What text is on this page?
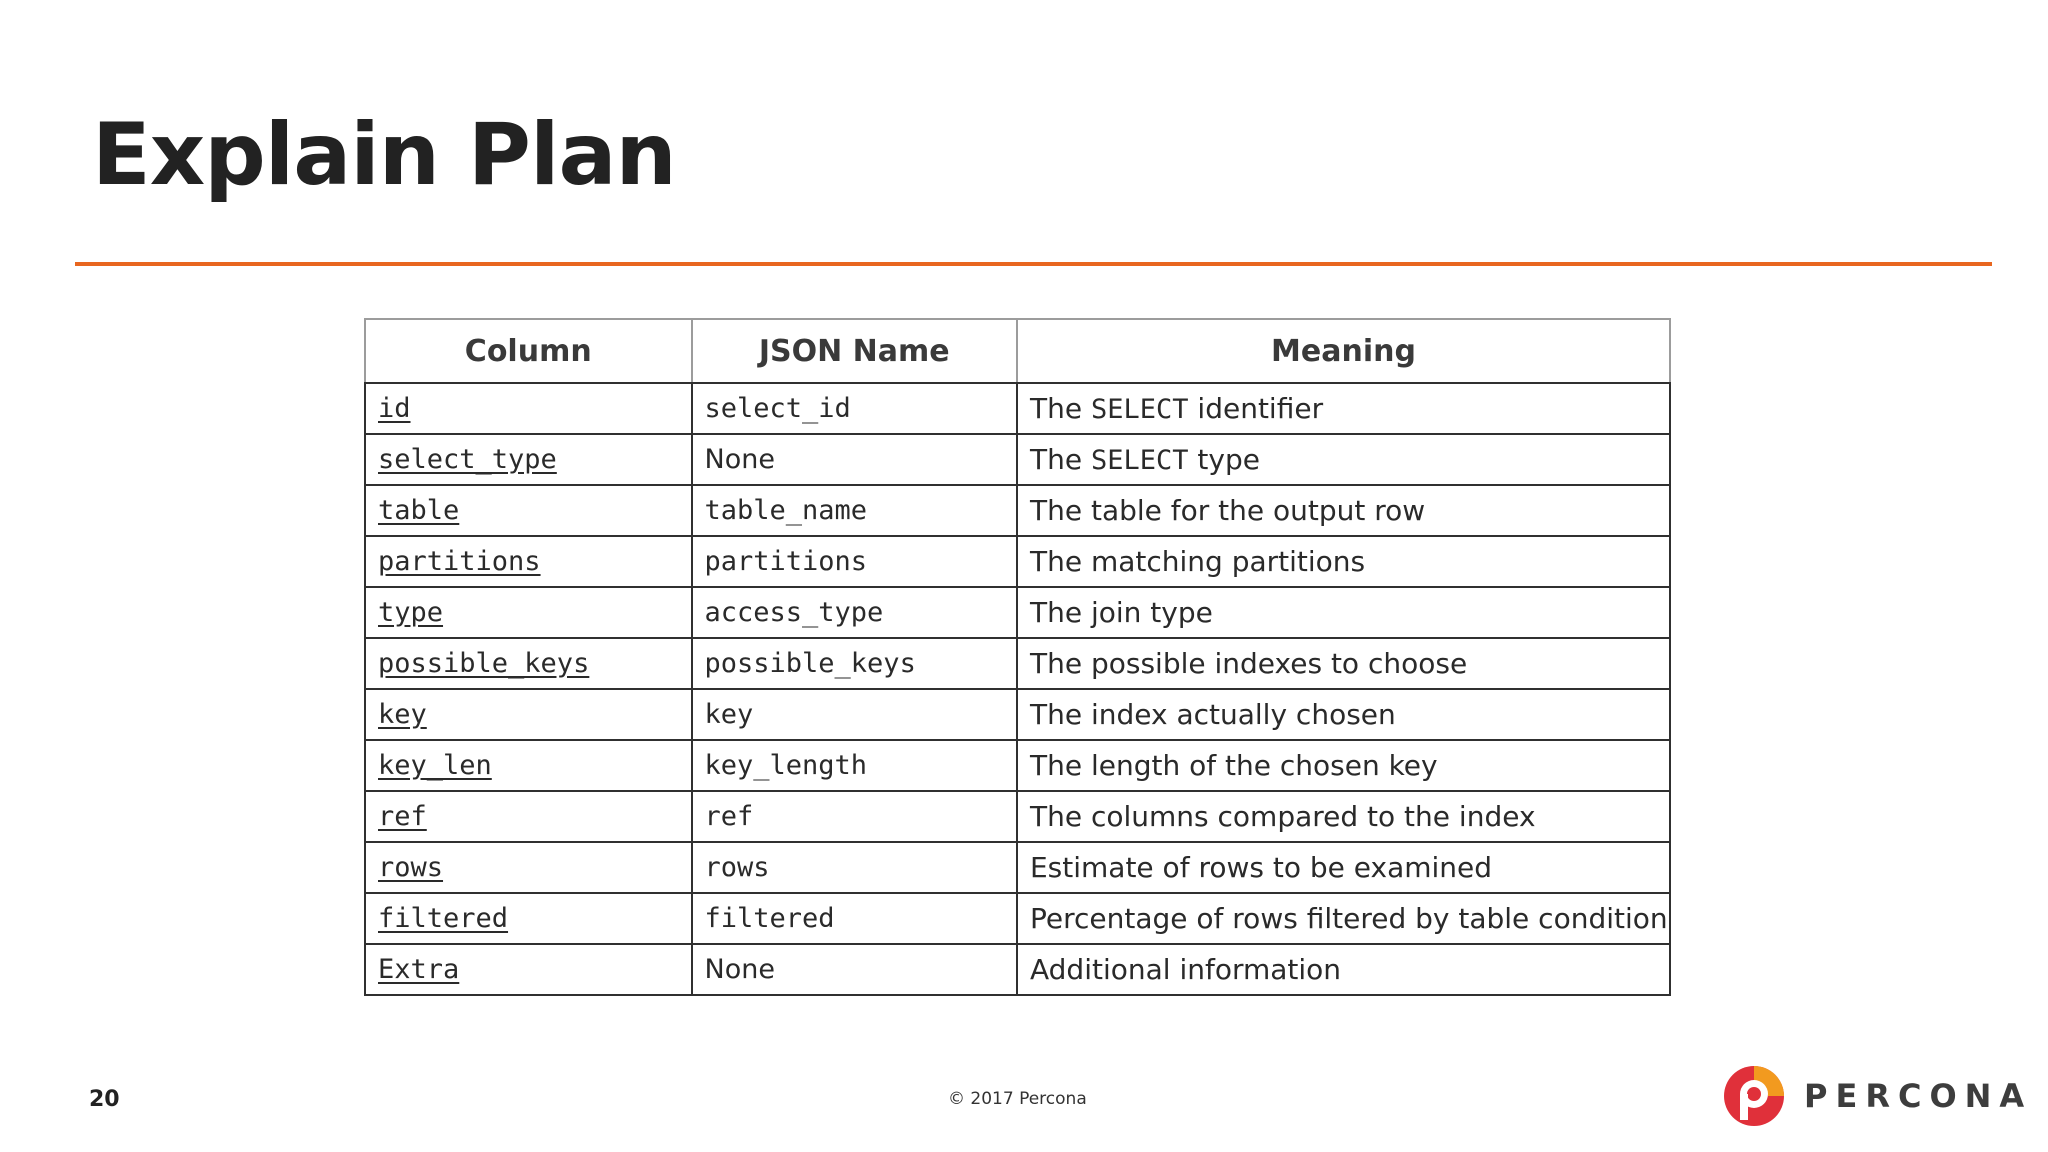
Explain Plan
Column	JSON Name	Meaning
id	select_id	The SELECT identifier
select_type	None	The SELECT type
table	table_name	The table for the output row
partitions	partitions	The matching partitions
type	access_type	The join type
possible_keys	possible_keys	The possible indexes to choose
key	key	The index actually chosen
key_len	key_length	The length of the chosen key
ref	ref	The columns compared to the index
rows	rows	Estimate of rows to be examined
filtered	filtered	Percentage of rows filtered by table condition
Extra	None	Additional information
20	© 2017 Percona	PERCONA
